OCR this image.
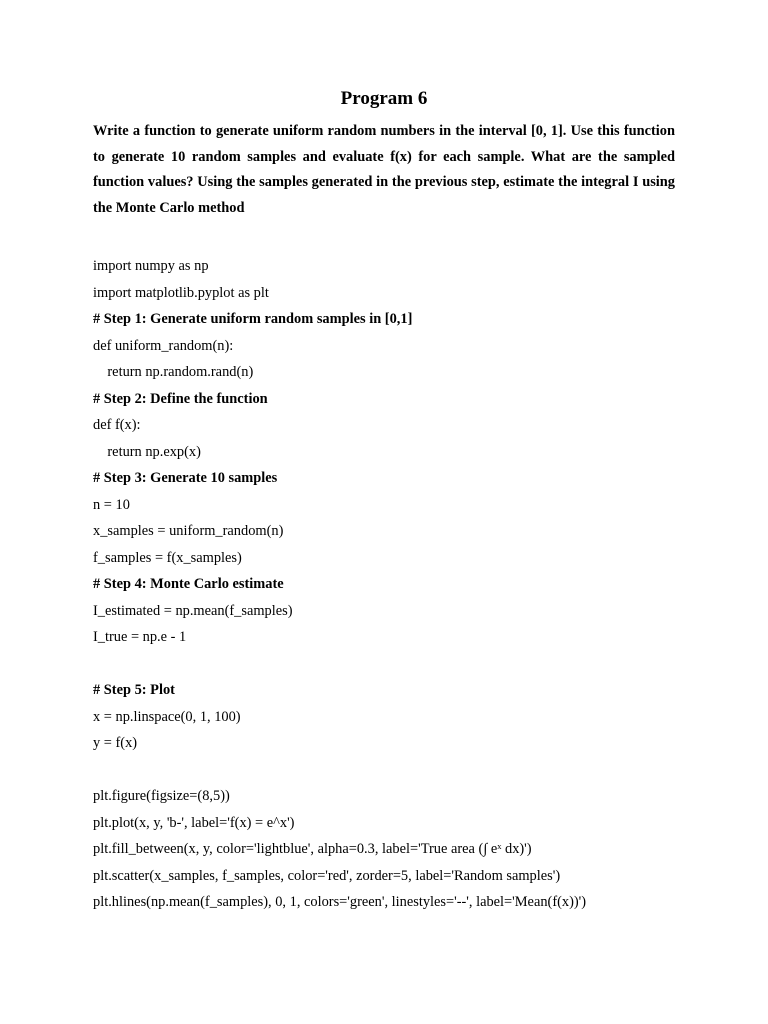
Program 6
Write a function to generate uniform random numbers in the interval [0, 1]. Use this function to generate 10 random samples and evaluate f(x) for each sample. What are the sampled function values? Using the samples generated in the previous step, estimate the integral I using the Monte Carlo method
import numpy as np
import matplotlib.pyplot as plt
# Step 1: Generate uniform random samples in [0,1]
def uniform_random(n):
return np.random.rand(n)
# Step 2: Define the function
def f(x):
return np.exp(x)
# Step 3: Generate 10 samples
n = 10
x_samples = uniform_random(n)
f_samples = f(x_samples)
# Step 4: Monte Carlo estimate
I_estimated = np.mean(f_samples)
I_true = np.e - 1
# Step 5: Plot
x = np.linspace(0, 1, 100)
y = f(x)
plt.figure(figsize=(8,5))
plt.plot(x, y, 'b-', label='f(x) = e^x')
plt.fill_between(x, y, color='lightblue', alpha=0.3, label='True area (∫ eˣ dx)')
plt.scatter(x_samples, f_samples, color='red', zorder=5, label='Random samples')
plt.hlines(np.mean(f_samples), 0, 1, colors='green', linestyles='--', label='Mean(f(x))')
